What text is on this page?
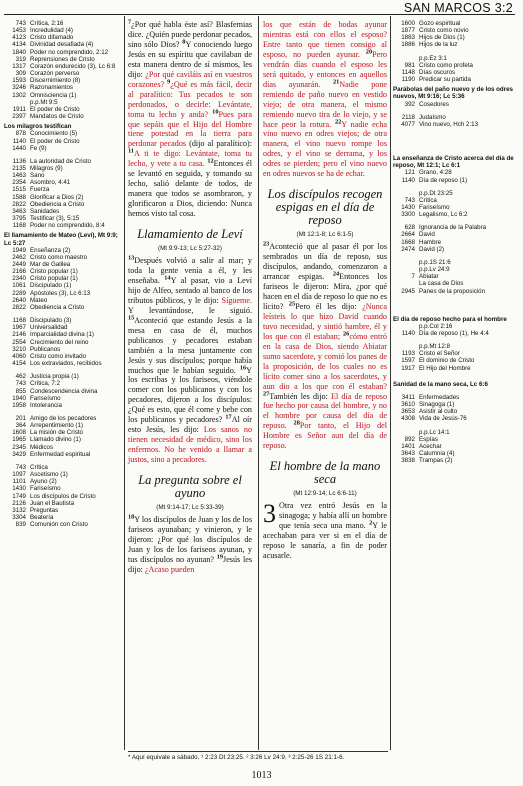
SAN MARCOS 3:2
743 Crítica, 2:16
1453 Incredulidad (4)
4123 Cristo difamado
4134 Divinidad desafiada (4)
1840 Poder no comprendido, 2:12
319 Reprensiones de Cristo
1317 Corazón endurecido (3), Lc 6:8
309 Corazón perverso
1593 Discernimiento (8)
3246 Razonamientos
1302 Omnisciencia (1)
p.p.Mt 9:5
1911 El poder de Cristo
2397 Mandatos de Cristo
Los milagros testifican
878 Conocimiento (5)
1140 El poder de Cristo
1440 Fe (9)
1136 La autoridad de Cristo
2135 Milagros (9)
1463 Sano
2354 Asombro, 4:41
1515 Fuerza
1588 Glorificar a Dios (2)
2822 Obediencia a Cristo
3463 Sanidades
3795 Testificar (3), 5:15
1168 Poder no comprendido, 8:4
El llamamiento de Mateo (Leví), Mt 9:9; Lc 5:27
1949 Enseñanza (2)
2462 Cristo como maestro
2449 Mar de Galilea
2166 Cristo popular (1)
2340 Cristo popular (1)
1061 Discipulado (1)
2289 Apóstoles (3), Lc 6:13
2640 Mateo
2822 Obediencia a Cristo
1168 Discipulado (3)
1967 Universalidad
2146 Imparcialidad divina (1)
2554 Crecimiento del reino
3210 Publicanos
4060 Cristo como invitado
4154 Los extraviados, recibidos
462 Justicia propia (1)
743 Crítica, 7:2
855 Condescendencia divina
1940 Fariseísmo
1958 Intolerancia
201 Amigo de los pecadores
364 Arrepentimiento (1)
1608 La misión de Cristo
1965 Llamado divino (1)
2345 Médicos
3429 Enfermedad espiritual
743 Crítica
1097 Ascetismo (1)
1101 Ayuno (2)
1430 Fariseísmo
1749 Los discípulos de Cristo
2126 Juan el Bautista
3132 Preguntas
3304 Beatería
839 Comunión con Cristo
$^7$¿Por qué habla éste así? Blasfemias dice. ¿Quién puede perdonar pecados, sino sólo Dios? $^8$Y conociendo luego Jesús en su espíritu que cavilaban de esta manera dentro de sí mismos, les dijo: ¿Por qué caviláis así en vuestros corazones? $^9$¿Qué es más fácil, decir al paralítico: Tus pecados te son perdonados, o decirle: Levántate, toma tu lecho y anda? $^{10}$Pues para que sepáis que el Hijo del Hombre tiene potestad en la tierra para perdonar pecados (dijo al paralítico): $^{11}$A ti te digo: Levántate, toma tu lecho, y vete a tu casa. $^{12}$Entonces él se levantó en seguida, y tomando su lecho, salió delante de todos, de manera que todos se asombraron, y glorificaron a Dios, diciendo: Nunca hemos visto tal cosa.
Llamamiento de Leví
(Mt 9:9-13; Lc 5:27-32)
$^{13}$Después volvió a salir al mar; y toda la gente venía a él, y les enseñaba. $^{14}$Y al pasar, vio a Leví hijo de Alfeo, sentado al banco de los tributos públicos, y le dijo: Sígueme. Y levantándose, le siguió. $^{15}$Aconteció que estando Jesús a la mesa en casa de él, muchos publicanos y pecadores estaban también a la mesa juntamente con Jesús y sus discípulos; porque había muchos que le habían seguido. $^{16}$Y los escribas y los fariseos, viéndole comer con los publicanos y con los pecadores, dijeron a los discípulos: ¿Qué es esto, que él come y bebe con los publicanos y pecadores? $^{17}$Al oír esto Jesús, les dijo: Los sanos no tienen necesidad de médico, sino los enfermos. No he venido a llamar a justos, sino a pecadores.
La pregunta sobre el ayuno
(Mt 9:14-17; Lc 5:33-39)
$^{18}$Y los discípulos de Juan y los de los fariseos ayunaban; y vinieron, y le dijeron: ¿Por qué los discípulos de Juan y los de los fariseos ayunan, y tus discípulos no ayunan? $^{19}$Jesús les dijo: ¿Acaso pueden
los que están de bodas ayunar mientras está con ellos el esposo? Entre tanto que tienen consigo al esposo, no pueden ayunar. $^{20}$Pero vendrán días cuando el esposo les será quitado, y entonces en aquellos días ayunarán. $^{21}$Nadie pone remiendo de paño nuevo en vestido viejo; de otra manera, el mismo remiendo nuevo tira de lo viejo, y se hace peor la rotura. $^{22}$Y nadie echa vino nuevo en odres viejos; de otra manera, el vino nuevo rompe los odres, y el vino se derrama, y los odres se pierden; pero el vino nuevo en odres nuevos se ha de echar.
Los discípulos recogen espigas en el día de reposo
(Mt 12:1-8; Lc 6:1-5)
$^{23}$Aconteció que al pasar él por los sembrados un día de reposo, sus discípulos, andando, comenzaron a arrancar espigas. $^{24}$Entonces los fariseos le dijeron: Mira, ¿por qué hacen en el día de reposo lo que no es lícito? $^{25}$Pero él les dijo: ¿Nunca leísteis lo que hizo David cuando tuvo necesidad, y sintió hambre, él y los que con él estaban; $^{26}$cómo entró en la casa de Dios, siendo Abiatar sumo sacerdote, y comió los panes de la proposición, de los cuales no es lícito comer sino a los sacerdotes, y aun dio a los que con él estaban? $^{27}$También les dijo: El día de reposo fue hecho por causa del hombre, y no el hombre por causa del día de reposo. $^{28}$Por tanto, el Hijo del Hombre es Señor aun del día de reposo.
El hombre de la mano seca
(Mt 12:9-14; Lc 6:6-11)
3 Otra vez entró Jesús en la sinagoga; y había allí un hombre que tenía seca una mano. $^2$Y le acechaban para ver si en el día de reposo le sanaría, a fin de poder acusarle.
1600 Gozo espiritual
1877 Cristo como novio
1883 Hijos de Dios (1)
1886 Hijos de la luz
p.p.Ez 3:1
981 Cristo como profeta
1148 Días oscuros
1190 Predicar su partida
Parábolas del paño nuevo y de los odres nuevos, Mt 9:16; Lc 5:36
392 Cosedores
2118 Judaísmo
4077 Vino nuevo, Hch 2:13
La enseñanza de Cristo acerca del día de reposo, Mt 12:1; Lc 6:1
121 Grano, 4:28
1140 Día de reposo (1)
p.p.Dt 23:25
743 Crítica
1430 Fariseísmo
3300 Legalismo, Lc 6:2
628 Ignorancia de la Palabra
2664 David
1668 Hambre
2474 David (2)
p.p.1S 21:6
p.p.Lv 24:9
7 Abiatar
La casa de Dios
2945 Panes de la proposición
El día de reposo hecho para el hombre
p.p.Col 2:16
1140 Día de reposo (1), He 4:4
p.p.Mt 12:8
1193 Cristo el Señor
1597 El dominio de Cristo
1917 El Hijo del Hombre
Sanidad de la mano seca, Lc 6:6
3411 Enfermedades
3610 Sinagoga (1)
3653 Asistir al culto
4308 Vida de Jesús-76
p.p.Lc 14:1
892 Espías
1401 Acechar
3643 Calumnia (4)
3838 Trampas (2)
* Aquí equivale a sábado. ¹ 2:23 Dt 23:25. ² 3:26 Lv 24:9. ³ 2:25-26 1S 21:1-6.
1013
